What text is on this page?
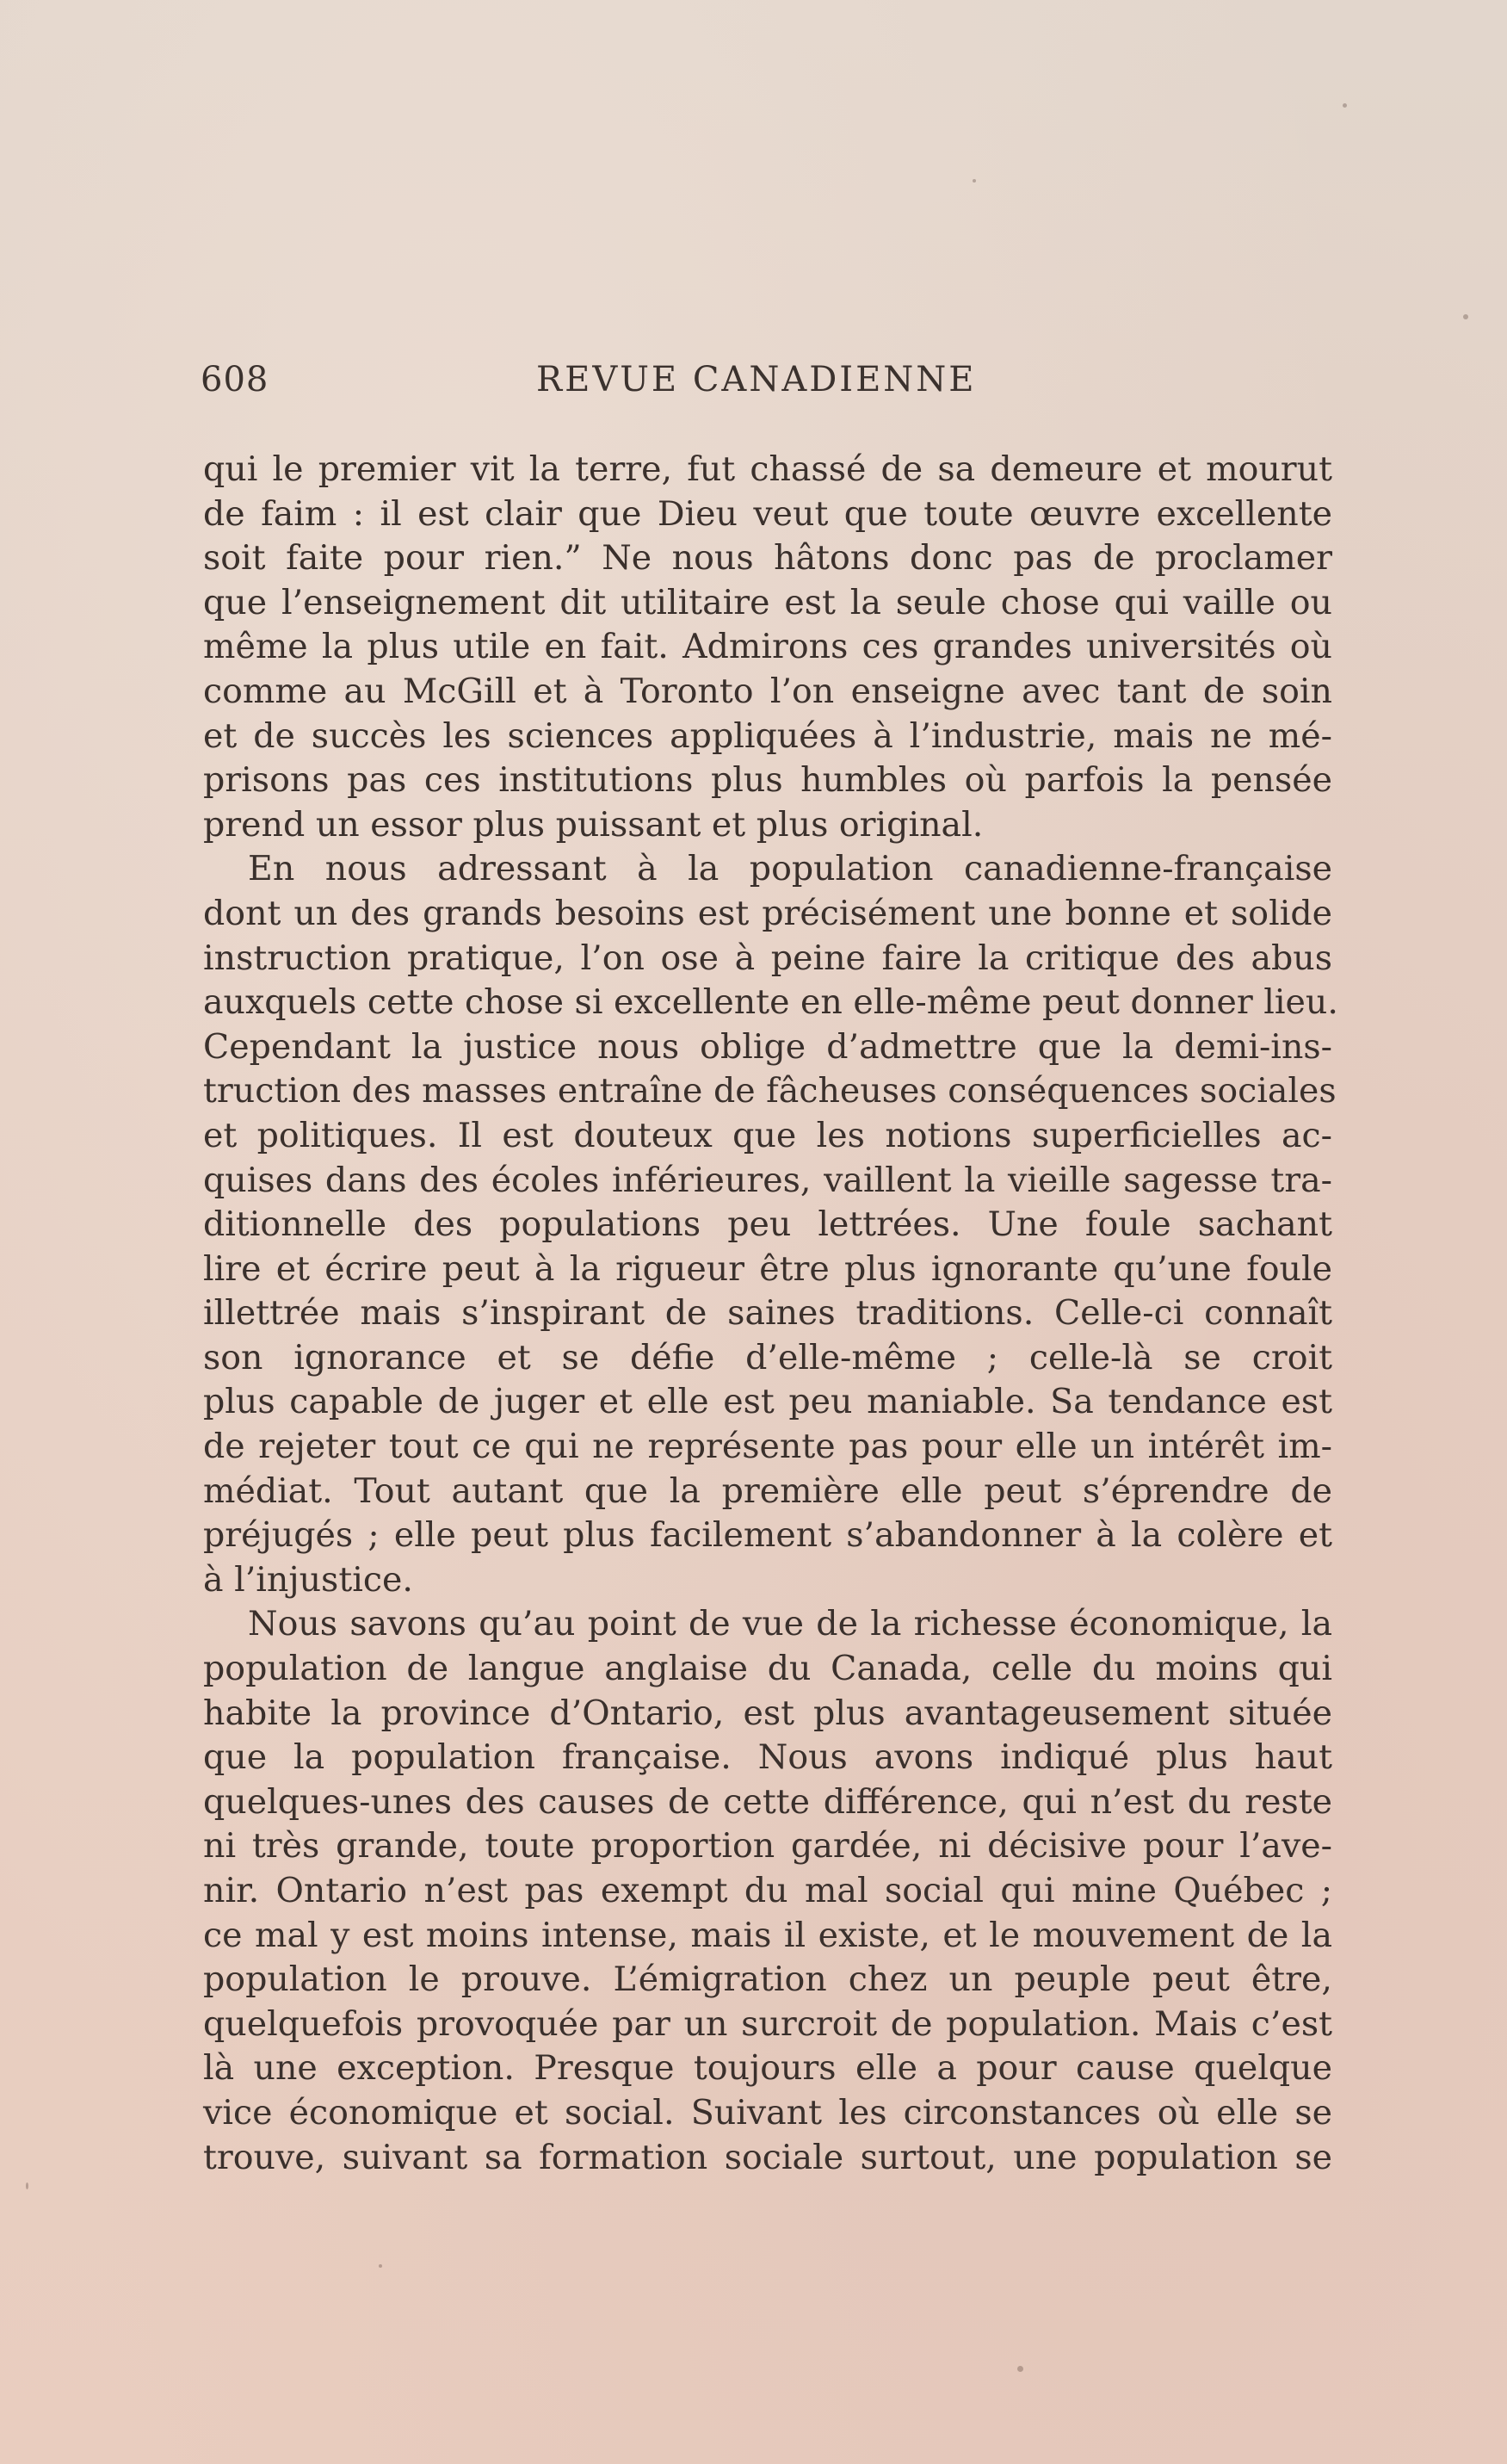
608	REVUE CANADIENNE
qui le premier vit la terre, fut chassé de sa demeure et mourut
de faim : il est clair que Dieu veut que toute œuvre excellente
soit faite pour rien.” Ne nous hâtons donc pas de proclamer
que l’enseignement dit utilitaire est la seule chose qui vaille ou
même la plus utile en fait. Admirons ces grandes universités où
comme au McGill et à Toronto l’on enseigne avec tant de soin
et de succès les sciences appliquées à l’industrie, mais ne mé-
prisons pas ces institutions plus humbles où parfois la pensée
prend un essor plus puissant et plus original.
En nous adressant à la population canadienne-française
dont un des grands besoins est précisément une bonne et solide
instruction pratique, l’on ose à peine faire la critique des abus
auxquels cette chose si excellente en elle-même peut donner lieu.
Cependant la justice nous oblige d’admettre que la demi-ins-
truction des masses entraîne de fâcheuses conséquences sociales
et politiques. Il est douteux que les notions superficielles ac-
quises dans des écoles inférieures, vaillent la vieille sagesse tra-
ditionnelle des populations peu lettrées. Une foule sachant
lire et écrire peut à la rigueur être plus ignorante qu’une foule
illettrée mais s’inspirant de saines traditions. Celle-ci connaît
son ignorance et se défie d’elle-même ; celle-là se croit
plus capable de juger et elle est peu maniable. Sa tendance est
de rejeter tout ce qui ne représente pas pour elle un intérêt im-
médiat. Tout autant que la première elle peut s’éprendre de
préjugés ; elle peut plus facilement s’abandonner à la colère et
à l’injustice.
Nous savons qu’au point de vue de la richesse économique, la
population de langue anglaise du Canada, celle du moins qui
habite la province d’Ontario, est plus avantageusement située
que la population française. Nous avons indiqué plus haut
quelques-unes des causes de cette différence, qui n’est du reste
ni très grande, toute proportion gardée, ni décisive pour l’ave-
nir. Ontario n’est pas exempt du mal social qui mine Québec ;
ce mal y est moins intense, mais il existe, et le mouvement de la
population le prouve. L’émigration chez un peuple peut être,
quelquefois provoquée par un surcroit de population. Mais c’est
là une exception. Presque toujours elle a pour cause quelque
vice économique et social. Suivant les circonstances où elle se
trouve, suivant sa formation sociale surtout, une population se
